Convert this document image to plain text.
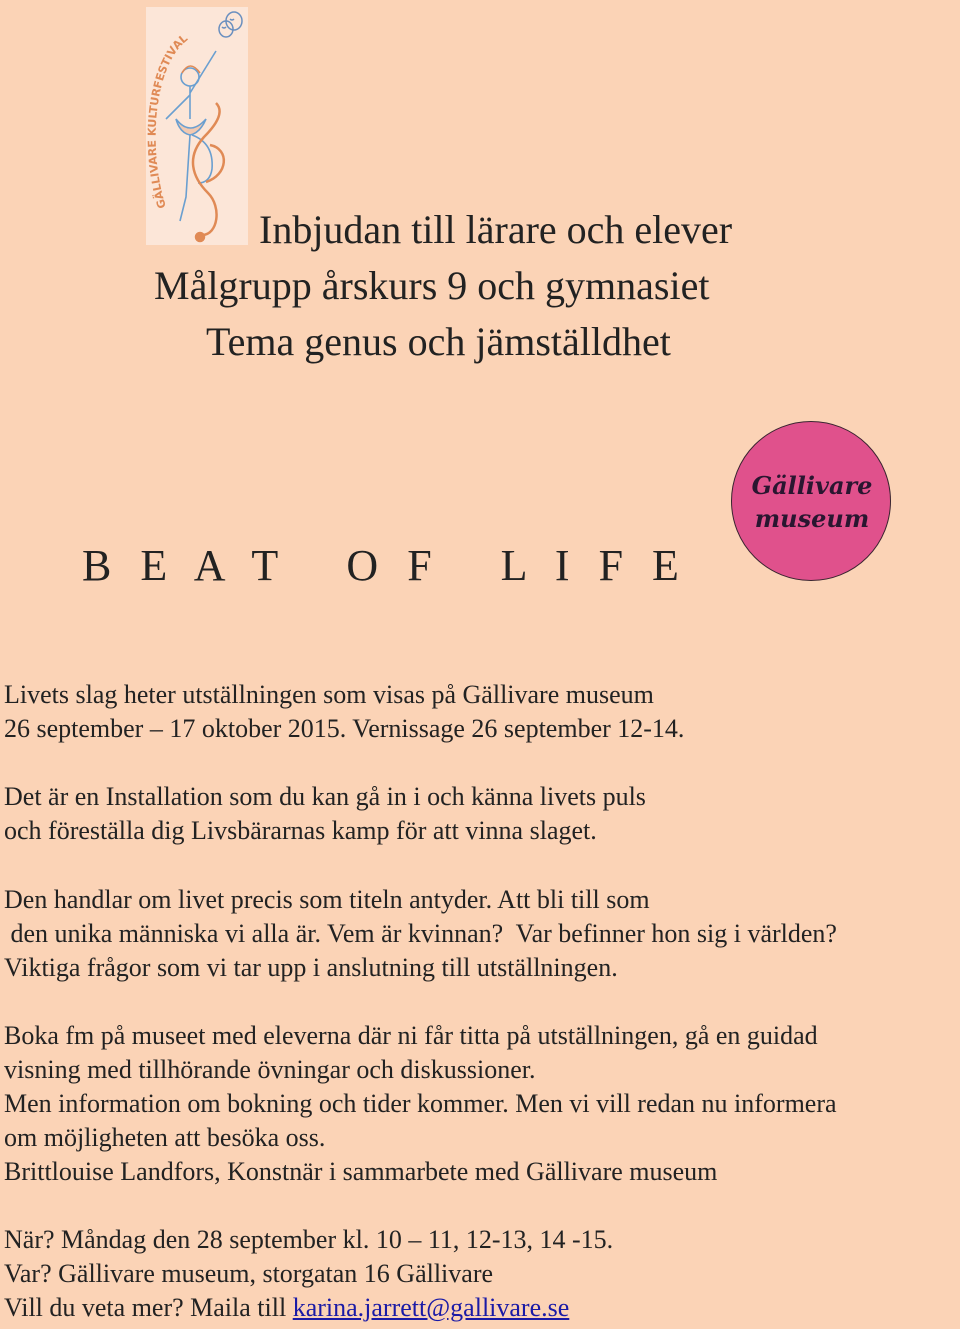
GÄLLIVARE KULTURFESTIVAL
Inbjudan till lärare och elever
Målgrupp årskurs 9 och gymnasiet
Tema genus och jämställdhet
B E A T   O F   L I F E
Gällivare
museum

Livets slag heter utställningen som visas på Gällivare museum

26 september – 17 oktober 2015. Vernissage 26 september 12-14.

Det är en Installation som du kan gå in i och känna livets puls

och föreställa dig Livsbärarnas kamp för att vinna slaget.

Den handlar om livet precis som titeln antyder. Att bli till som

den unika människa vi alla är. Vem är kvinnan?  Var befinner hon sig i världen?

Viktiga frågor som vi tar upp i anslutning till utställningen.

Boka fm på museet med eleverna där ni får titta på utställningen, gå en guidad

visning med tillhörande övningar och diskussioner.

Men information om bokning och tider kommer. Men vi vill redan nu informera

om möjligheten att besöka oss.

Brittlouise Landfors, Konstnär i sammarbete med Gällivare museum

När? Måndag den 28 september kl. 10 – 11, 12-13, 14 -15.

Var? Gällivare museum, storgatan 16 Gällivare

Vill du veta mer? Maila till karina.jarrett@gallivare.se
